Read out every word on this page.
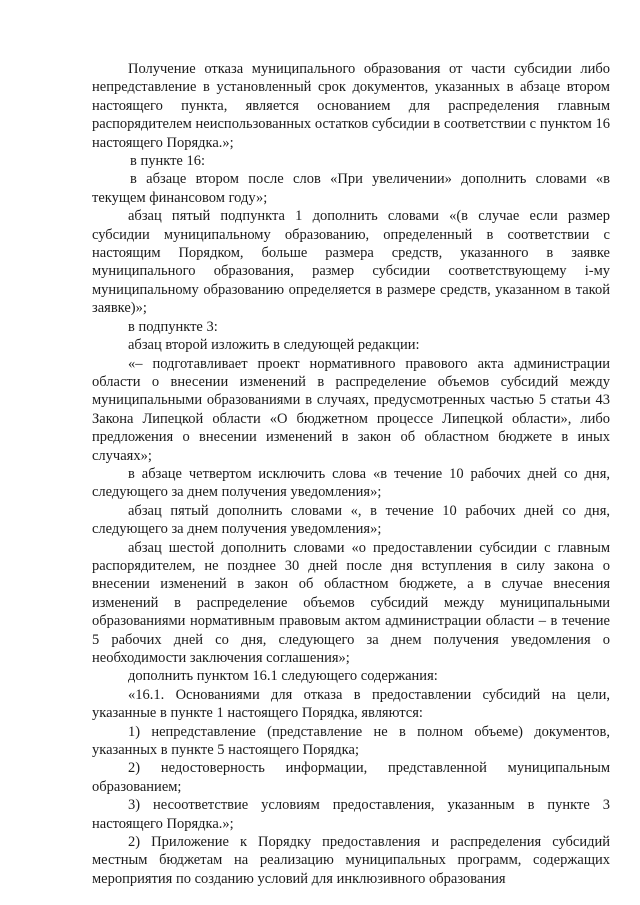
Получение отказа муниципального образования от части субсидии либо непредставление в установленный срок документов, указанных в абзаце втором настоящего пункта, является основанием для распределения главным распорядителем неиспользованных остатков субсидии в соответствии с пунктом 16 настоящего Порядка.»;

в пункте 16:

в абзаце втором после слов «При увеличении» дополнить словами «в текущем финансовом году»;

абзац пятый подпункта 1 дополнить словами «(в случае если размер субсидии муниципальному образованию, определенный в соответствии с настоящим Порядком, больше размера средств, указанного в заявке муниципального образования, размер субсидии соответствующему i-му муниципальному образованию определяется в размере средств, указанном в такой заявке)»;

в подпункте 3:

абзац второй изложить в следующей редакции:

«– подготавливает проект нормативного правового акта администрации области о внесении изменений в распределение объемов субсидий между муниципальными образованиями в случаях, предусмотренных частью 5 статьи 43 Закона Липецкой области «О бюджетном процессе Липецкой области», либо предложения о внесении изменений в закон об областном бюджете в иных случаях»;

в абзаце четвертом исключить слова «в течение 10 рабочих дней со дня, следующего за днем получения уведомления»;

абзац пятый дополнить словами «, в течение 10 рабочих дней со дня, следующего за днем получения уведомления»;

абзац шестой дополнить словами «о предоставлении субсидии с главным распорядителем, не позднее 30 дней после дня вступления в силу закона о внесении изменений в закон об областном бюджете, а в случае внесения изменений в распределение объемов субсидий между муниципальными образованиями нормативным правовым актом администрации области – в течение 5 рабочих дней со дня, следующего за днем получения уведомления о необходимости заключения соглашения»;

дополнить пунктом 16.1 следующего содержания:

«16.1. Основаниями для отказа в предоставлении субсидий на цели, указанные в пункте 1 настоящего Порядка, являются:

1) непредставление (представление не в полном объеме) документов, указанных в пункте 5 настоящего Порядка;

2) недостоверность информации, представленной муниципальным образованием;

3) несоответствие условиям предоставления, указанным в пункте 3 настоящего Порядка.»;

2) Приложение к Порядку предоставления и распределения субсидий местным бюджетам на реализацию муниципальных программ, содержащих мероприятия по созданию условий для инклюзивного образования
